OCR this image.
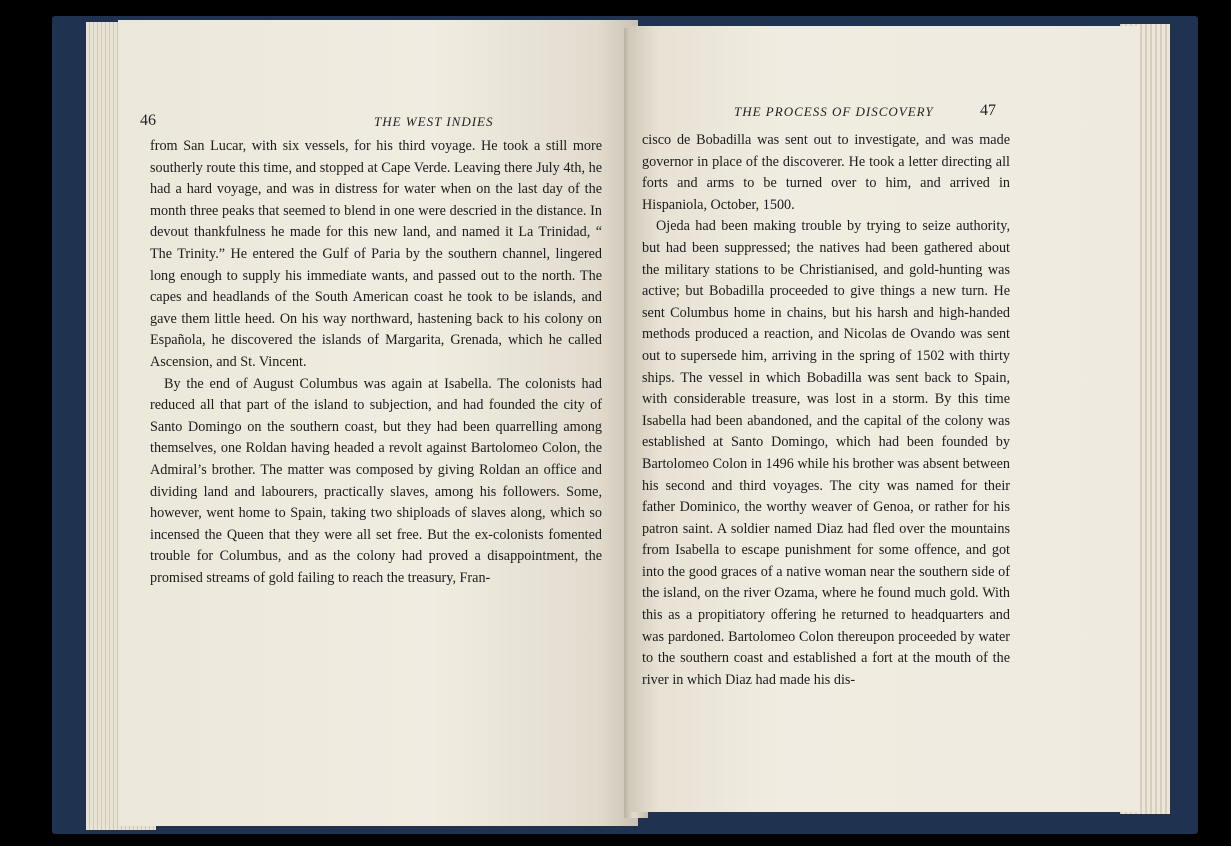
46	THE WEST INDIES

from San Lucar, with six vessels, for his third voyage. He took a still more southerly route this time, and stopped at Cape Verde. Leaving there July 4th, he had a hard voyage, and was in distress for water when on the last day of the month three peaks that seemed to blend in one were descried in the distance. In devout thankfulness he made for this new land, and named it La Trinidad, “ The Trinity.” He entered the Gulf of Paria by the southern channel, lingered long enough to supply his immediate wants, and passed out to the north. The capes and headlands of the South American coast he took to be islands, and gave them little heed. On his way northward, hastening back to his colony on Española, he discovered the islands of Margarita, Grenada, which he called Ascension, and St. Vincent.

By the end of August Columbus was again at Isabella. The colonists had reduced all that part of the island to subjection, and had founded the city of Santo Domingo on the southern coast, but they had been quarrelling among themselves, one Roldan having headed a revolt against Bartolomeo Colon, the Admiral’s brother. The matter was composed by giving Roldan an office and dividing land and labourers, practically slaves, among his followers. Some, however, went home to Spain, taking two shiploads of slaves along, which so incensed the Queen that they were all set free. But the ex-colonists fomented trouble for Columbus, and as the colony had proved a disappointment, the promised streams of gold failing to reach the treasury, Fran-

THE PROCESS OF DISCOVERY	47

cisco de Bobadilla was sent out to investigate, and was made governor in place of the discoverer. He took a letter directing all forts and arms to be turned over to him, and arrived in Hispaniola, October, 1500.

Ojeda had been making trouble by trying to seize authority, but had been suppressed; the natives had been gathered about the military stations to be Christianised, and gold-hunting was active; but Bobadilla proceeded to give things a new turn. He sent Columbus home in chains, but his harsh and high-handed methods produced a reaction, and Nicolas de Ovando was sent out to supersede him, arriving in the spring of 1502 with thirty ships. The vessel in which Bobadilla was sent back to Spain, with considerable treasure, was lost in a storm. By this time Isabella had been abandoned, and the capital of the colony was established at Santo Domingo, which had been founded by Bartolomeo Colon in 1496 while his brother was absent between his second and third voyages. The city was named for their father Dominico, the worthy weaver of Genoa, or rather for his patron saint. A soldier named Diaz had fled over the mountains from Isabella to escape punishment for some offence, and got into the good graces of a native woman near the southern side of the island, on the river Ozama, where he found much gold. With this as a propitiatory offering he returned to headquarters and was pardoned. Bartolomeo Colon thereupon proceeded by water to the southern coast and established a fort at the mouth of the river in which Diaz had made his dis-
